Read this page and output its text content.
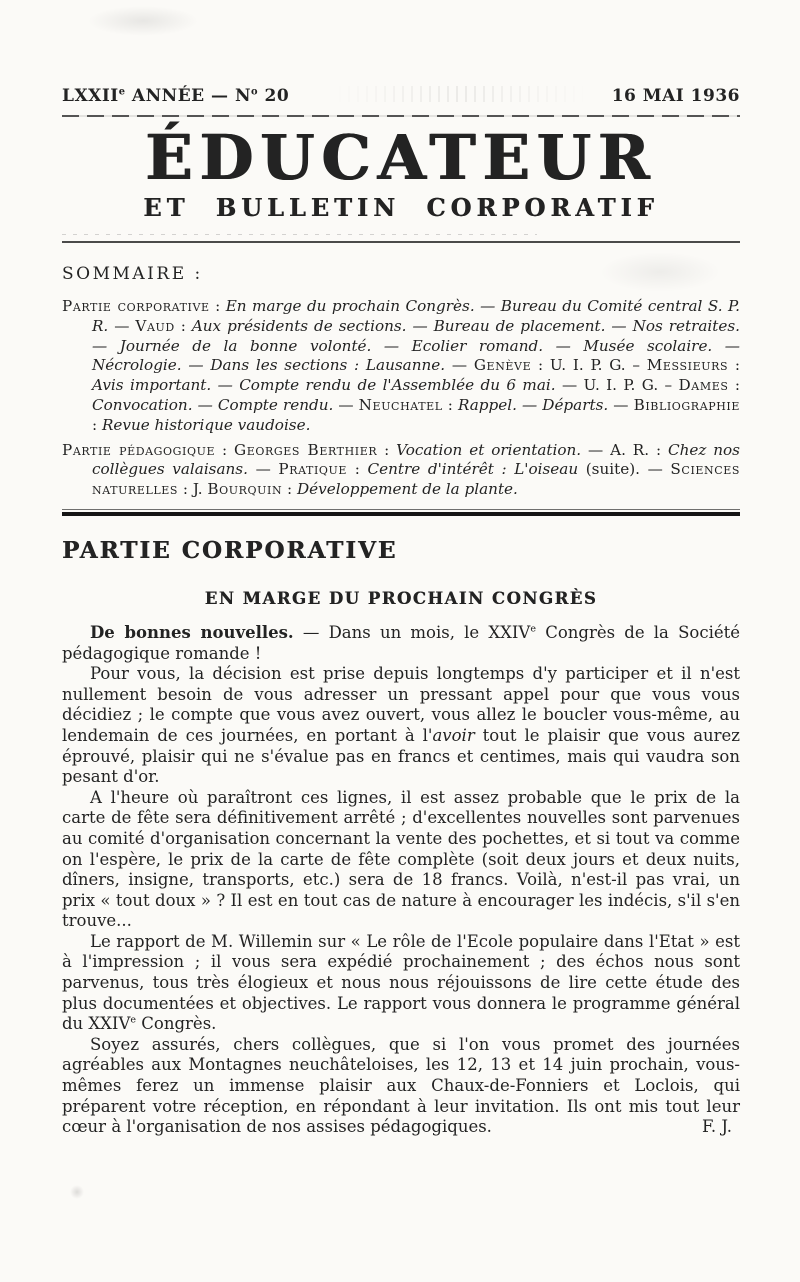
LXXIIe ANNÉE — $N^o$ 20	16 MAI 1936
ÉDUCATEUR
ET BULLETIN CORPORATIF
SOMMAIRE :

Partie corporative : En marge du prochain Congrès. — Bureau du Comité central S. P. R. — Vaud : Aux présidents de sections. — Bureau de placement. — Nos retraites. — Journée de la bonne volonté. — Ecolier romand. — Musée scolaire. — Nécrologie. — Dans les sections : Lausanne. — Genève : U. I. P. G. – Messieurs : Avis important. — Compte rendu de l'Assemblée du 6 mai. — U. I. P. G. – Dames : Convocation. — Compte rendu. — Neuchatel : Rappel. — Départs. — Bibliographie : Revue historique vaudoise.

Partie pédagogique : Georges Berthier : Vocation et orientation. — A. R. : Chez nos collègues valaisans. — Pratique : Centre d'intérêt : L'oiseau (suite). — Sciences naturelles : J. Bourquin : Développement de la plante.

PARTIE CORPORATIVE
EN MARGE DU PROCHAIN CONGRÈS

De bonnes nouvelles. — Dans un mois, le XXIVe Congrès de la Société pédagogique romande !

Pour vous, la décision est prise depuis longtemps d'y participer et il n'est nullement besoin de vous adresser un pressant appel pour que vous vous décidiez ; le compte que vous avez ouvert, vous allez le boucler vous-même, au lendemain de ces journées, en portant à l'avoir tout le plaisir que vous aurez éprouvé, plaisir qui ne s'évalue pas en francs et centimes, mais qui vaudra son pesant d'or.

A l'heure où paraîtront ces lignes, il est assez probable que le prix de la carte de fête sera définitivement arrêté ; d'excellentes nouvelles sont parvenues au comité d'organisation concernant la vente des pochettes, et si tout va comme on l'espère, le prix de la carte de fête complète (soit deux jours et deux nuits, dîners, insigne, transports, etc.) sera de 18 francs. Voilà, n'est-il pas vrai, un prix « tout doux » ? Il est en tout cas de nature à encourager les indécis, s'il s'en trouve...

Le rapport de M. Willemin sur « Le rôle de l'Ecole populaire dans l'Etat » est à l'impression ; il vous sera expédié prochainement ; des échos nous sont parvenus, tous très élogieux et nous nous réjouissons de lire cette étude des plus documentées et objectives. Le rapport vous donnera le programme général du XXIVe Congrès.

Soyez assurés, chers collègues, que si l'on vous promet des journées agréables aux Montagnes neuchâteloises, les 12, 13 et 14 juin prochain, vous-mêmes ferez un immense plaisir aux Chaux-de-Fonniers et Loclois, qui préparent votre réception, en répondant à leur invitation. Ils ont mis tout leur cœur à l'organisation de nos assises pédagogiques.	F. J.
